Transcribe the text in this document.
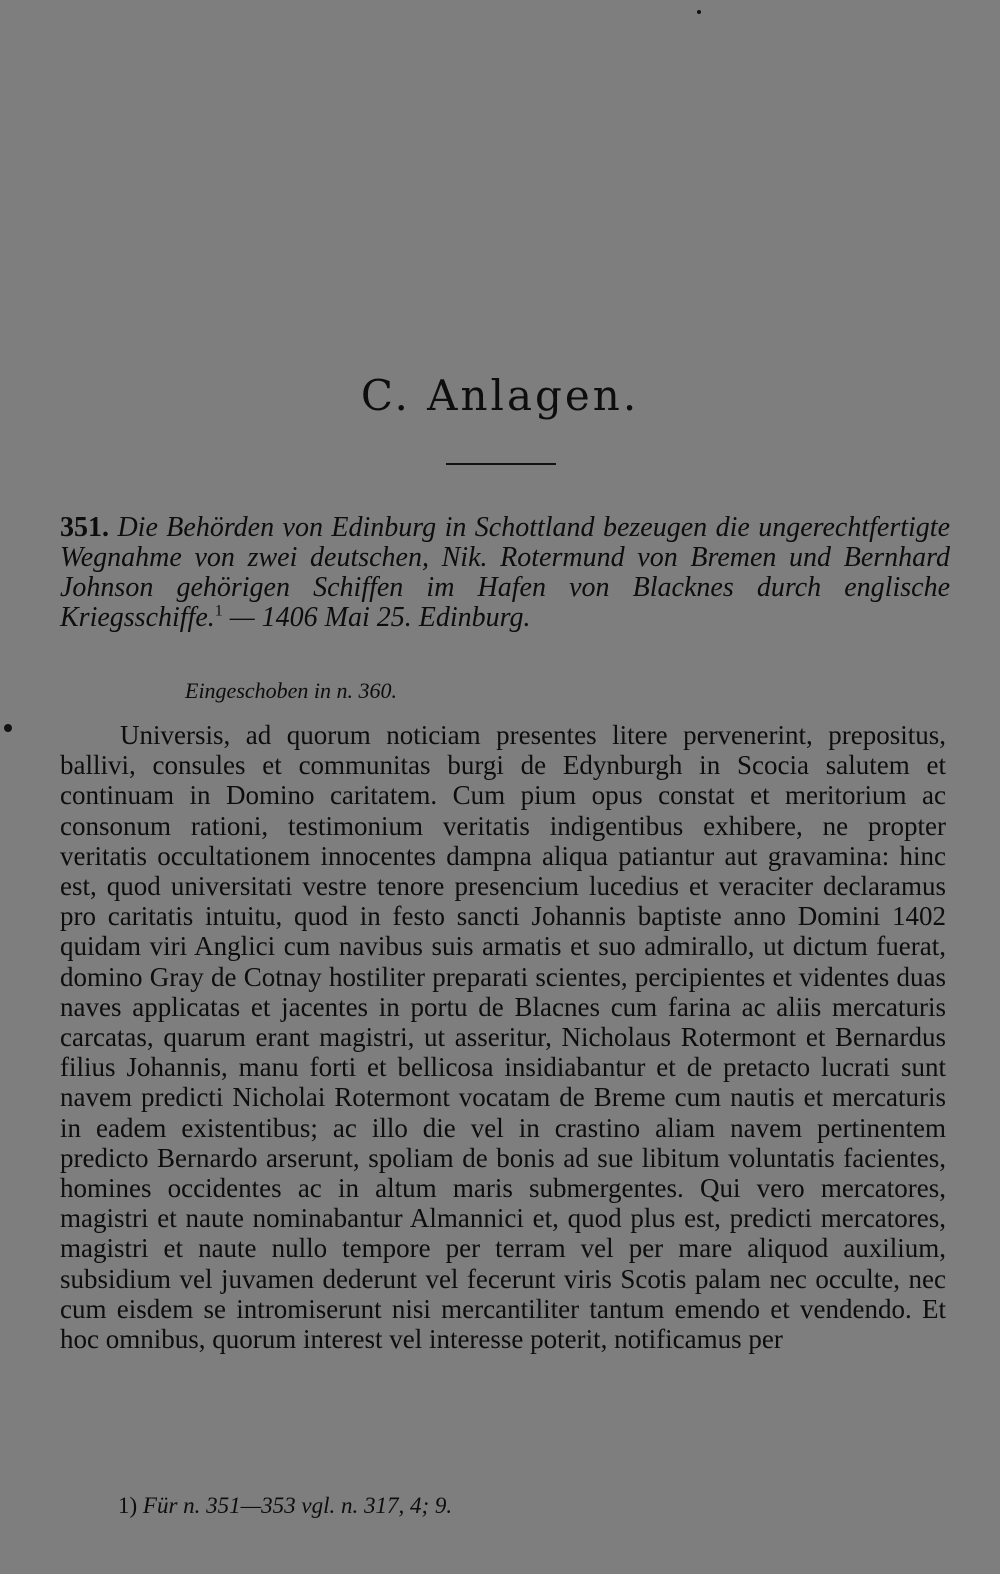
C. Anlagen.
351. Die Behörden von Edinburg in Schottland bezeugen die ungerechtfertigte Wegnahme von zwei deutschen, Nik. Rotermund von Bremen und Bernhard Johnson gehörigen Schiffen im Hafen von Blacknes durch englische Kriegsschiffe.$^1$ — 1406 Mai 25. Edinburg.
Eingeschoben in n. 360.

Universis, ad quorum noticiam presentes litere pervenerint, prepositus, ballivi, consules et communitas burgi de Edynburgh in Scocia salutem et continuam in Domino caritatem. Cum pium opus constat et meritorium ac consonum rationi, testimonium veritatis indigentibus exhibere, ne propter veritatis occultationem innocentes dampna aliqua patiantur aut gravamina: hinc est, quod universitati vestre tenore presencium lucedius et veraciter declaramus pro caritatis intuitu, quod in festo sancti Johannis baptiste anno Domini 1402 quidam viri Anglici cum navibus suis armatis et suo admirallo, ut dictum fuerat, domino Gray de Cotnay hostiliter preparati scientes, percipientes et videntes duas naves applicatas et jacentes in portu de Blacnes cum farina ac aliis mercaturis carcatas, quarum erant magistri, ut asseritur, Nicholaus Rotermont et Bernardus filius Johannis, manu forti et bellicosa insidiabantur et de pretacto lucrati sunt navem predicti Nicholai Rotermont vocatam de Breme cum nautis et mercaturis in eadem existentibus; ac illo die vel in crastino aliam navem pertinentem predicto Bernardo arserunt, spoliam de bonis ad sue libitum voluntatis facientes, homines occidentes ac in altum maris submergentes. Qui vero mercatores, magistri et naute nominabantur Almannici et, quod plus est, predicti mercatores, magistri et naute nullo tempore per terram vel per mare aliquod auxilium, subsidium vel juvamen dederunt vel fecerunt viris Scotis palam nec occulte, nec cum eisdem se intromiserunt nisi mercantiliter tantum emendo et vendendo. Et hoc omnibus, quorum interest vel interesse poterit, notificamus per

1) Für n. 351—353 vgl. n. 317, 4; 9.
